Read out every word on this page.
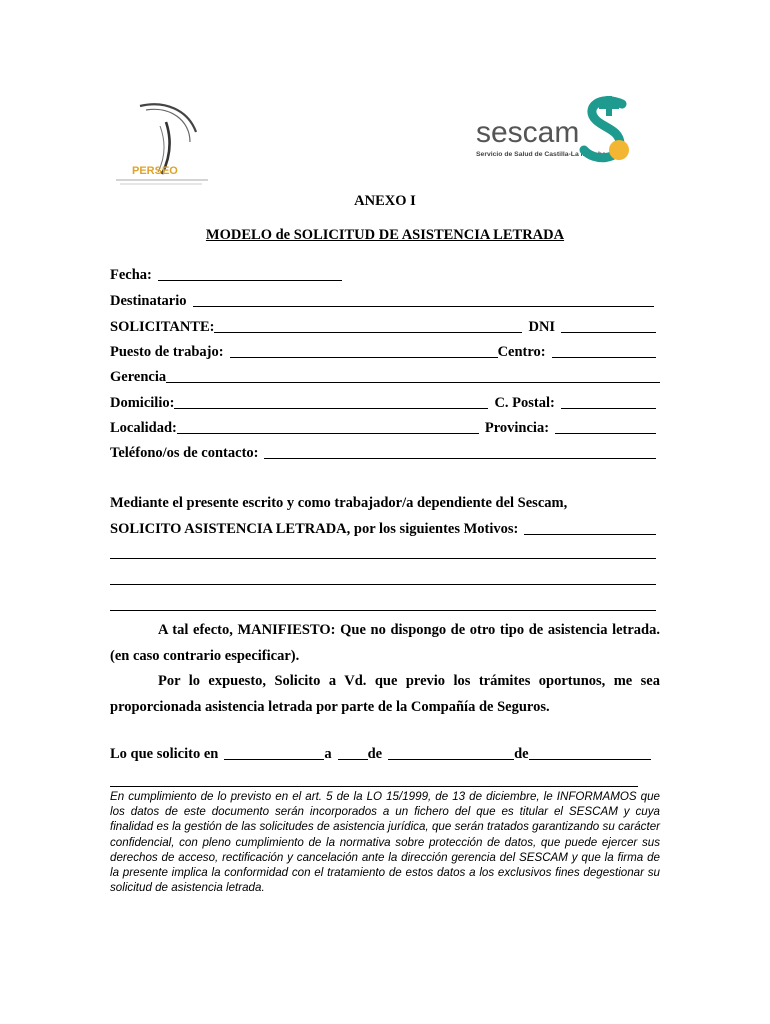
PERSEO
sescam
Servicio de Salud de Castilla-La Mancha
ANEXO I
MODELO de SOLICITUD DE ASISTENCIA LETRADA
Fecha:
Destinatario
SOLICITANTE:	DNI
Puesto de trabajo:	Centro:
Gerencia
Domicilio:	C. Postal:
Localidad:	Provincia:
Teléfono/os de contacto:
Mediante el presente escrito y como trabajador/a dependiente del Sescam,
SOLICITO ASISTENCIA LETRADA, por los siguientes Motivos:
A tal efecto, MANIFIESTO: Que no dispongo de otro tipo de asistencia letrada.(en caso contrario especificar).
Por lo expuesto, Solicito a Vd. que previo los trámites oportunos, me sea proporcionada asistencia letrada por parte de la Compañía de Seguros.
Lo que solicito en	a de	de
En cumplimiento de lo previsto en el art. 5 de la LO 15/1999, de 13 de diciembre, le INFORMAMOS que los datos de este documento serán incorporados a un fichero del que es titular el SESCAM y cuya finalidad es la gestión de las solicitudes de asistencia jurídica, que serán tratados garantizando su carácter confidencial, con pleno cumplimiento de la normativa sobre protección de datos, que puede ejercer sus derechos de acceso, rectificación y cancelación ante la dirección gerencia del SESCAM y que la firma de la presente implica la conformidad con el tratamiento de estos datos a los exclusivos fines degestionar su solicitud de asistencia letrada.
